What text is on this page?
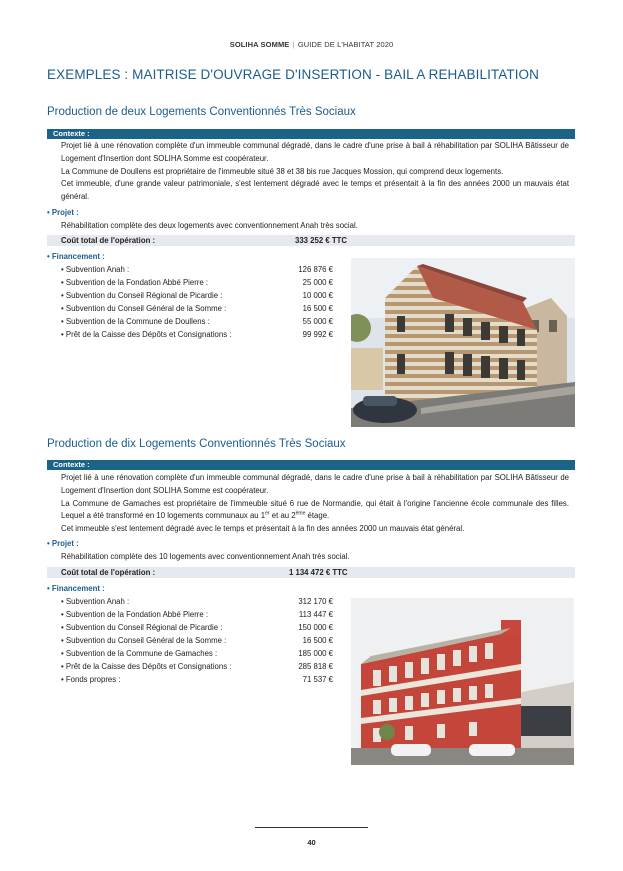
SOLIHA SOMME | GUIDE DE L'HABITAT 2020
EXEMPLES : MAITRISE D'OUVRAGE D'INSERTION - BAIL A REHABILITATION
Production de deux Logements Conventionnés Très Sociaux
Contexte :

Projet lié à une rénovation complète d'un immeuble communal dégradé, dans le cadre d'une prise à bail à réhabilitation par SOLIHA Bâtisseur de Logement d'Insertion dont SOLIHA Somme est coopérateur.

La Commune de Doullens est propriétaire de l'immeuble situé 38 et 38 bis rue Jacques Mossion, qui comprend deux logements.

Cet immeuble, d'une grande valeur patrimoniale, s'est lentement dégradé avec le temps et présentait à la fin des années 2000 un mauvais état général.

• Projet :
Réhabilitation complète des deux logements avec conventionnement Anah très social.
Coût total de l'opération :	333 252 € TTC
• Financement :
• Subvention Anah :	126 876 €
• Subvention de la Fondation Abbé Pierre :	25 000 €
• Subvention du Conseil Régional de Picardie :	10 000 €
• Subvention du Conseil Général de la Somme :	16 500 €
• Subvention de la Commune de Doullens :	55 000 €
• Prêt de la Caisse des Dépôts et Consignations :	99 992 €
Production de dix Logements Conventionnés Très Sociaux
Contexte :

Projet lié à une rénovation complète d'un immeuble communal dégradé, dans le cadre d'une prise à bail à réhabilitation par SOLIHA Bâtisseur de Logement d'Insertion dont SOLIHA Somme est coopérateur.

La Commune de Gamaches est propriétaire de l'immeuble situé 6 rue de Normandie, qui était à l'origine l'ancienne école communale des filles. Lequel a été transformé en 10 logements communaux au 1er et au 2ème étage.

Cet immeuble s'est lentement dégradé avec le temps et présentait à la fin des années 2000 un mauvais état général.

• Projet :
Réhabilitation complète des 10 logements avec conventionnement Anah très social.
Coût total de l'opération :	1 134 472 € TTC
• Financement :
• Subvention Anah :	312 170 €
• Subvention de la Fondation Abbé Pierre :	113 447 €
• Subvention du Conseil Régional de Picardie :	150 000 €
• Subvention du Conseil Général de la Somme :	16 500 €
• Subvention de la Commune de Gamaches :	185 000 €
• Prêt de la Caisse des Dépôts et Consignations :	285 818 €
• Fonds propres :	71 537 €
40
